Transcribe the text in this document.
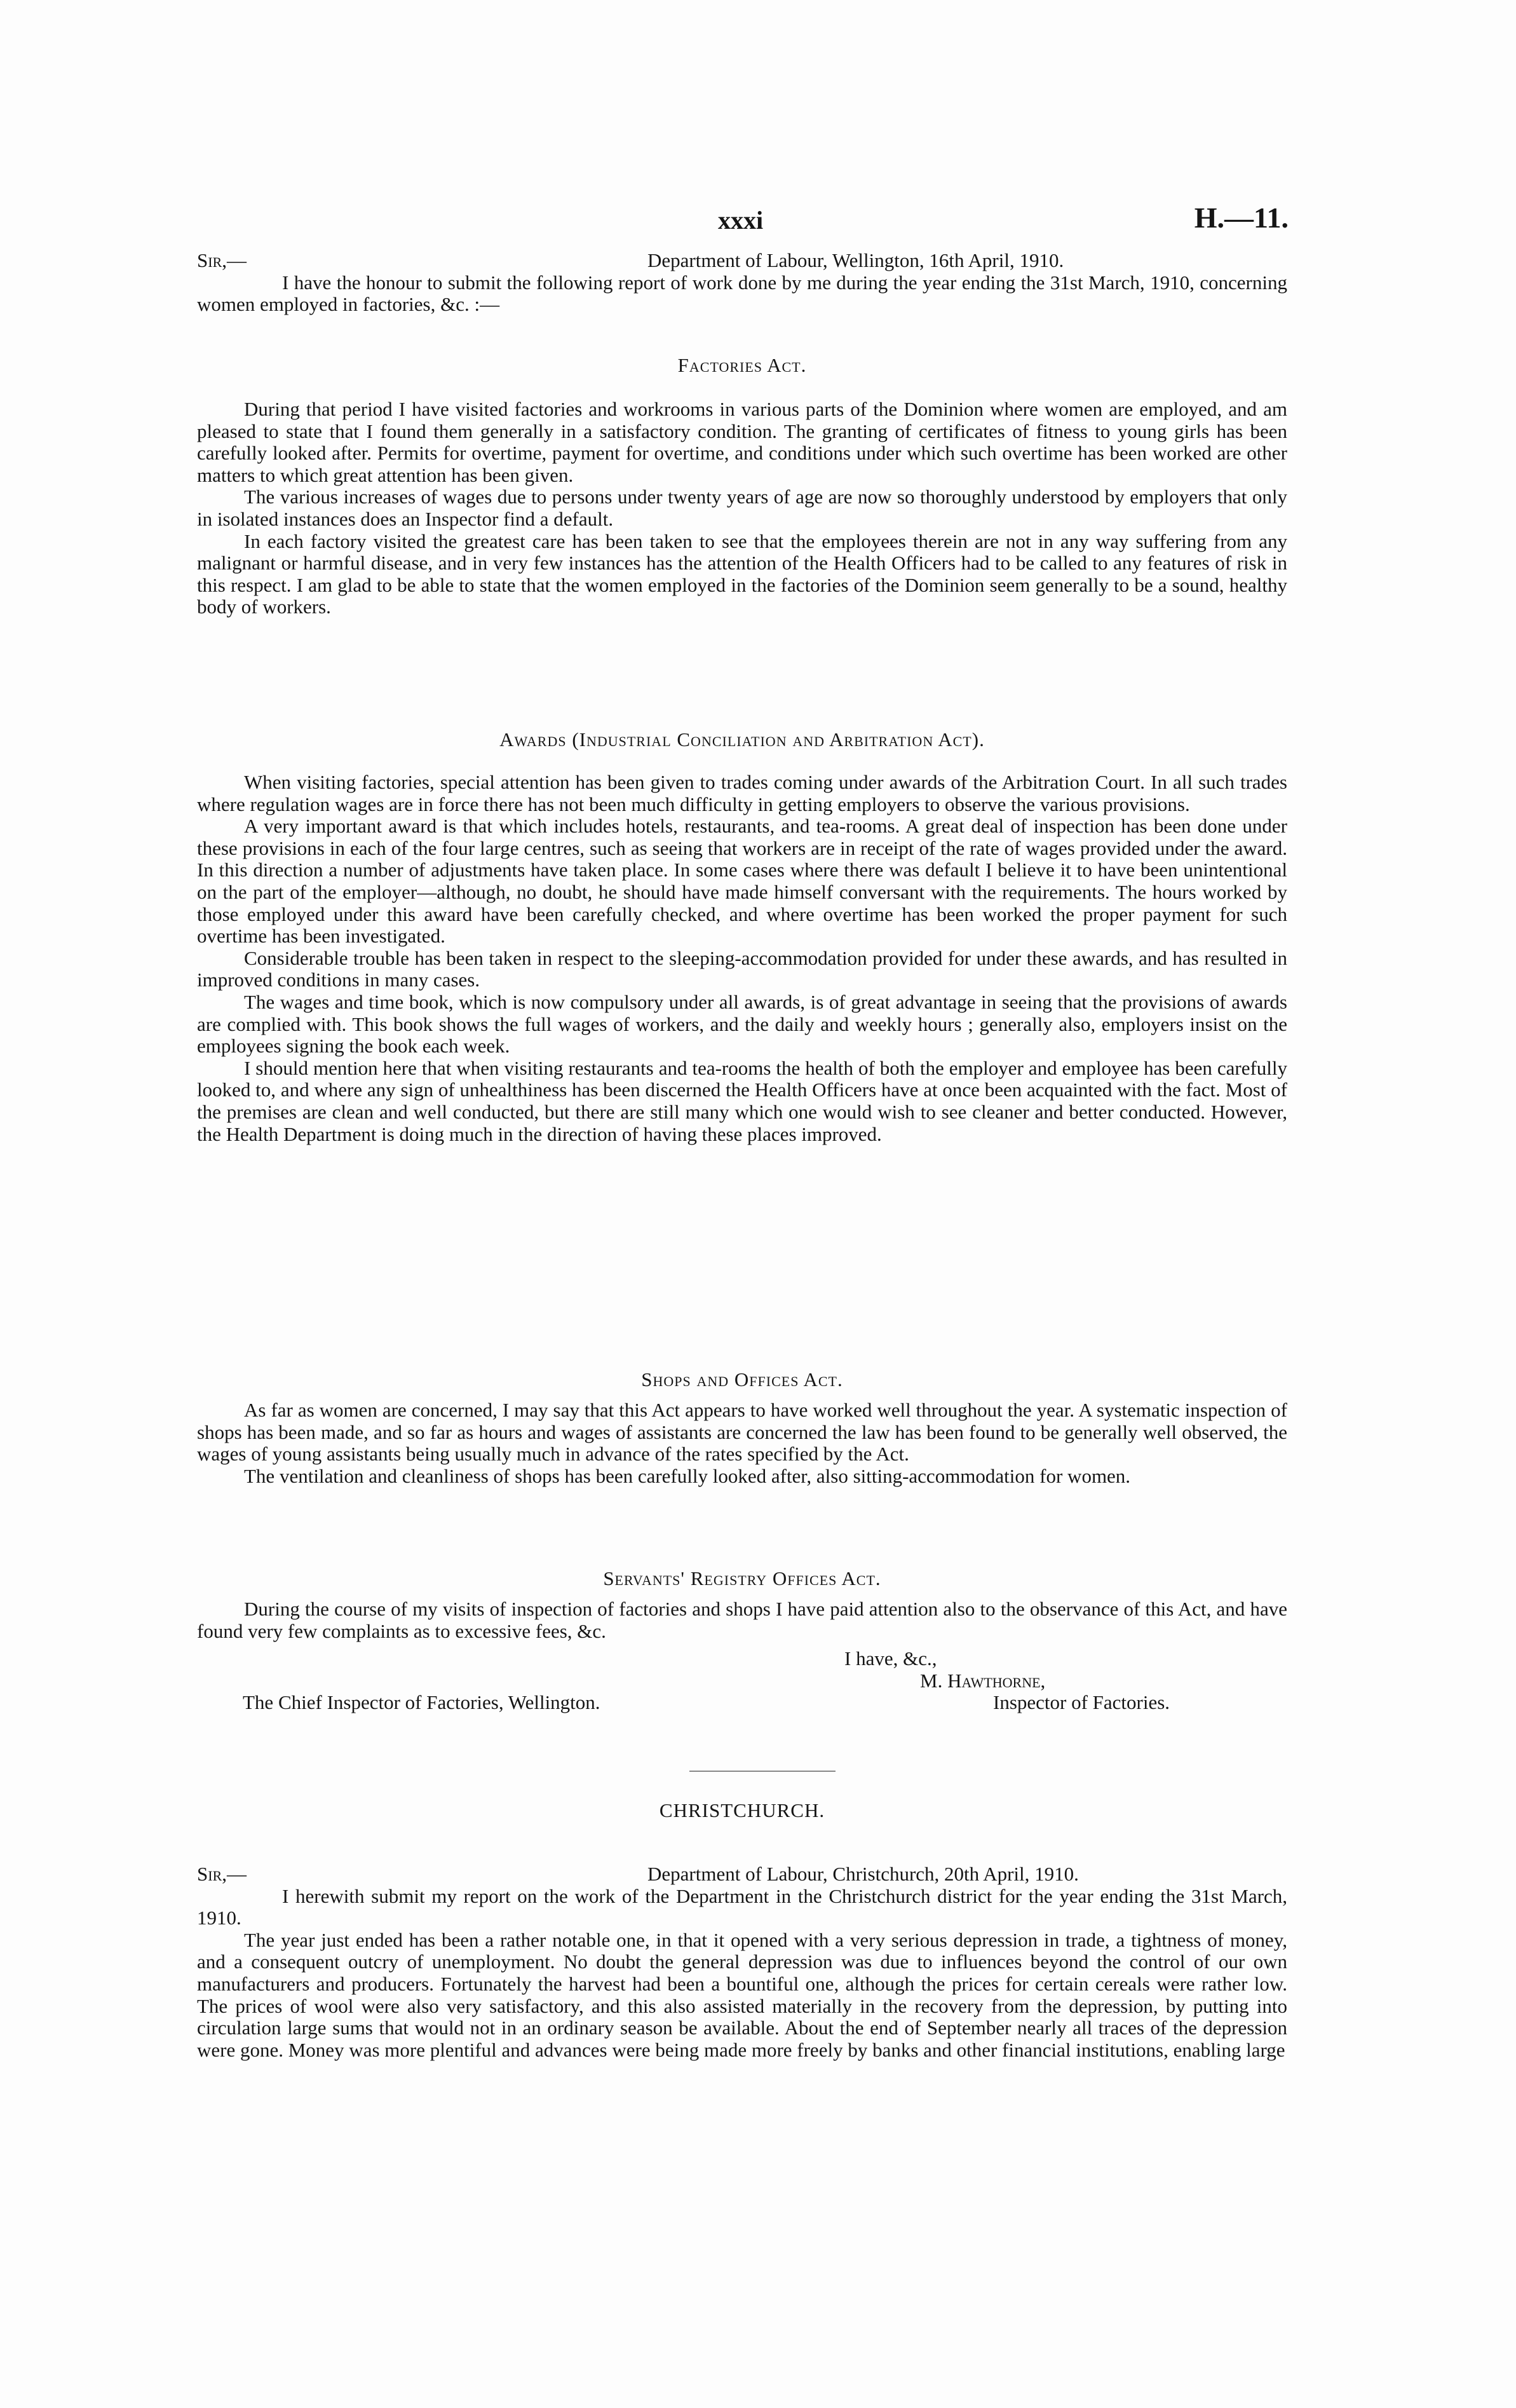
xxxi	H.—11.
Sir,—	Department of Labour, Wellington, 16th April, 1910.

I have the honour to submit the following report of work done by me during the year ending the 31st March, 1910, concerning women employed in factories, &c. :—

Factories Act.

During that period I have visited factories and workrooms in various parts of the Dominion where women are employed, and am pleased to state that I found them generally in a satisfactory condition. The granting of certificates of fitness to young girls has been carefully looked after. Permits for overtime, payment for overtime, and conditions under which such overtime has been worked are other matters to which great attention has been given.

The various increases of wages due to persons under twenty years of age are now so thoroughly understood by employers that only in isolated instances does an Inspector find a default.

In each factory visited the greatest care has been taken to see that the employees therein are not in any way suffering from any malignant or harmful disease, and in very few instances has the attention of the Health Officers had to be called to any features of risk in this respect. I am glad to be able to state that the women employed in the factories of the Dominion seem generally to be a sound, healthy body of workers.

Awards (Industrial Conciliation and Arbitration Act).

When visiting factories, special attention has been given to trades coming under awards of the Arbitration Court. In all such trades where regulation wages are in force there has not been much difficulty in getting employers to observe the various provisions.

A very important award is that which includes hotels, restaurants, and tea-rooms. A great deal of inspection has been done under these provisions in each of the four large centres, such as seeing that workers are in receipt of the rate of wages provided under the award. In this direction a number of adjustments have taken place. In some cases where there was default I believe it to have been unintentional on the part of the employer—although, no doubt, he should have made himself conversant with the requirements. The hours worked by those employed under this award have been carefully checked, and where overtime has been worked the proper payment for such overtime has been investigated.

Considerable trouble has been taken in respect to the sleeping-accommodation provided for under these awards, and has resulted in improved conditions in many cases.

The wages and time book, which is now compulsory under all awards, is of great advantage in seeing that the provisions of awards are complied with. This book shows the full wages of workers, and the daily and weekly hours ; generally also, employers insist on the employees signing the book each week.

I should mention here that when visiting restaurants and tea-rooms the health of both the employer and employee has been carefully looked to, and where any sign of unhealthiness has been discerned the Health Officers have at once been acquainted with the fact. Most of the premises are clean and well conducted, but there are still many which one would wish to see cleaner and better conducted. However, the Health Department is doing much in the direction of having these places improved.

Shops and Offices Act.

As far as women are concerned, I may say that this Act appears to have worked well throughout the year. A systematic inspection of shops has been made, and so far as hours and wages of assistants are concerned the law has been found to be generally well observed, the wages of young assistants being usually much in advance of the rates specified by the Act.

The ventilation and cleanliness of shops has been carefully looked after, also sitting-accommodation for women.

Servants' Registry Offices Act.

During the course of my visits of inspection of factories and shops I have paid attention also to the observance of this Act, and have found very few complaints as to excessive fees, &c.

I have, &c.,
M. Hawthorne,
The Chief Inspector of Factories, Wellington.	Inspector of Factories.
CHRISTCHURCH.
Sir,—	Department of Labour, Christchurch, 20th April, 1910.

I herewith submit my report on the work of the Department in the Christchurch district for the year ending the 31st March, 1910.

The year just ended has been a rather notable one, in that it opened with a very serious depression in trade, a tightness of money, and a consequent outcry of unemployment. No doubt the general depression was due to influences beyond the control of our own manufacturers and producers. Fortunately the harvest had been a bountiful one, although the prices for certain cereals were rather low. The prices of wool were also very satisfactory, and this also assisted materially in the recovery from the depression, by putting into circulation large sums that would not in an ordinary season be available. About the end of September nearly all traces of the depression were gone. Money was more plentiful and advances were being made more freely by banks and other financial institutions, enabling large
